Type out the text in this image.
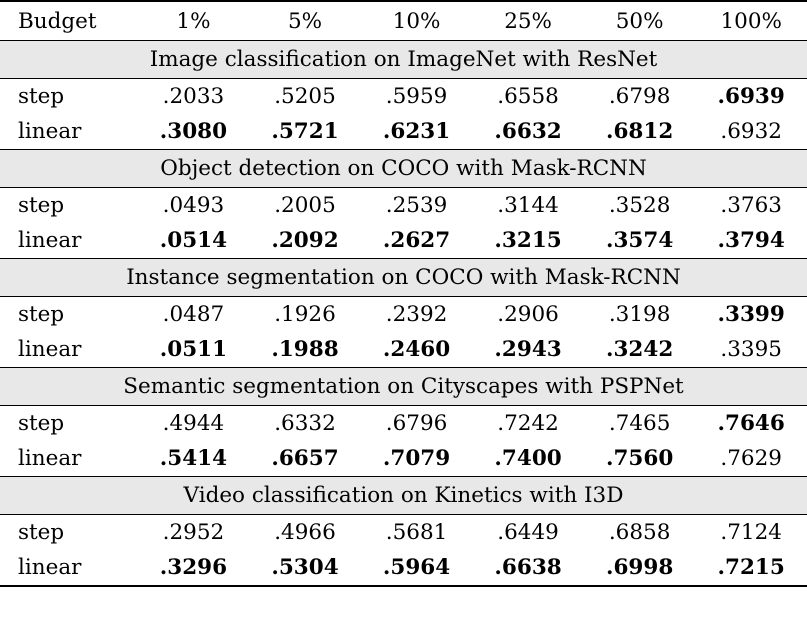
Budget	1%	5%	10%	25%	50%	100%
Image classification on ImageNet with ResNet						
step	.2033	.5205	.5959	.6558	.6798	.6939
linear	.3080	.5721	.6231	.6632	.6812	.6932
Object detection on COCO with Mask-RCNN						
step	.0493	.2005	.2539	.3144	.3528	.3763
linear	.0514	.2092	.2627	.3215	.3574	.3794
Instance segmentation on COCO with Mask-RCNN						
step	.0487	.1926	.2392	.2906	.3198	.3399
linear	.0511	.1988	.2460	.2943	.3242	.3395
Semantic segmentation on Cityscapes with PSPNet						
step	.4944	.6332	.6796	.7242	.7465	.7646
linear	.5414	.6657	.7079	.7400	.7560	.7629
Video classification on Kinetics with I3D						
step	.2952	.4966	.5681	.6449	.6858	.7124
linear	.3296	.5304	.5964	.6638	.6998	.7215
